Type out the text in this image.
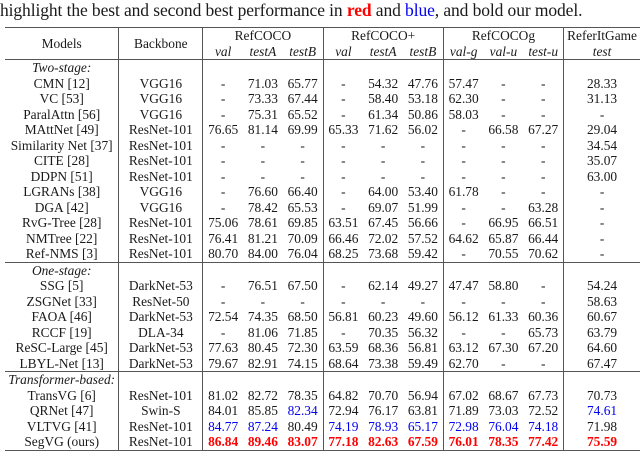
highlight the best and second best performance in red and blue, and bold our model.
Models	Backbone	RefCOCO			RefCOCO+			RefCOCOg			ReferItGame
		val	testA	testB	val	testA	testB	val-g	val-u	test-u	test
Two-stage:											
CMN [12]	VGG16	-	71.03	65.77	-	54.32	47.76	57.47	-	-	28.33
VC [53]	VGG16	-	73.33	67.44	-	58.40	53.18	62.30	-	-	31.13
ParalAttn [56]	VGG16	-	75.31	65.52	-	61.34	50.86	58.03	-	-	-
MAttNet [49]	ResNet-101	76.65	81.14	69.99	65.33	71.62	56.02	-	66.58	67.27	29.04
Similarity Net [37]	ResNet-101	-	-	-	-	-	-	-	-	-	34.54
CITE [28]	ResNet-101	-	-	-	-	-	-	-	-	-	35.07
DDPN [51]	ResNet-101	-	-	-	-	-	-	-	-	-	63.00
LGRANs [38]	VGG16	-	76.60	66.40	-	64.00	53.40	61.78	-	-	-
DGA [42]	VGG16	-	78.42	65.53	-	69.07	51.99	-	-	63.28	-
RvG-Tree [28]	ResNet-101	75.06	78.61	69.85	63.51	67.45	56.66	-	66.95	66.51	-
NMTree [22]	ResNet-101	76.41	81.21	70.09	66.46	72.02	57.52	64.62	65.87	66.44	-
Ref-NMS [3]	ResNet-101	80.70	84.00	76.04	68.25	73.68	59.42	-	70.55	70.62	-
One-stage:											
SSG [5]	DarkNet-53	-	76.51	67.50	-	62.14	49.27	47.47	58.80	-	54.24
ZSGNet [33]	ResNet-50	-	-	-	-	-	-	-	-	-	58.63
FAOA [46]	DarkNet-53	72.54	74.35	68.50	56.81	60.23	49.60	56.12	61.33	60.36	60.67
RCCF [19]	DLA-34	-	81.06	71.85	-	70.35	56.32	-	-	65.73	63.79
ReSC-Large [45]	DarkNet-53	77.63	80.45	72.30	63.59	68.36	56.81	63.12	67.30	67.20	64.60
LBYL-Net [13]	DarkNet-53	79.67	82.91	74.15	68.64	73.38	59.49	62.70	-	-	67.47
Transformer-based:											
TransVG [6]	ResNet-101	81.02	82.72	78.35	64.82	70.70	56.94	67.02	68.67	67.73	70.73
QRNet [47]	Swin-S	84.01	85.85	82.34	72.94	76.17	63.81	71.89	73.03	72.52	74.61
VLTVG [41]	ResNet-101	84.77	87.24	80.49	74.19	78.93	65.17	72.98	76.04	74.18	71.98
SegVG (ours)	ResNet-101	86.84	89.46	83.07	77.18	82.63	67.59	76.01	78.35	77.42	75.59
